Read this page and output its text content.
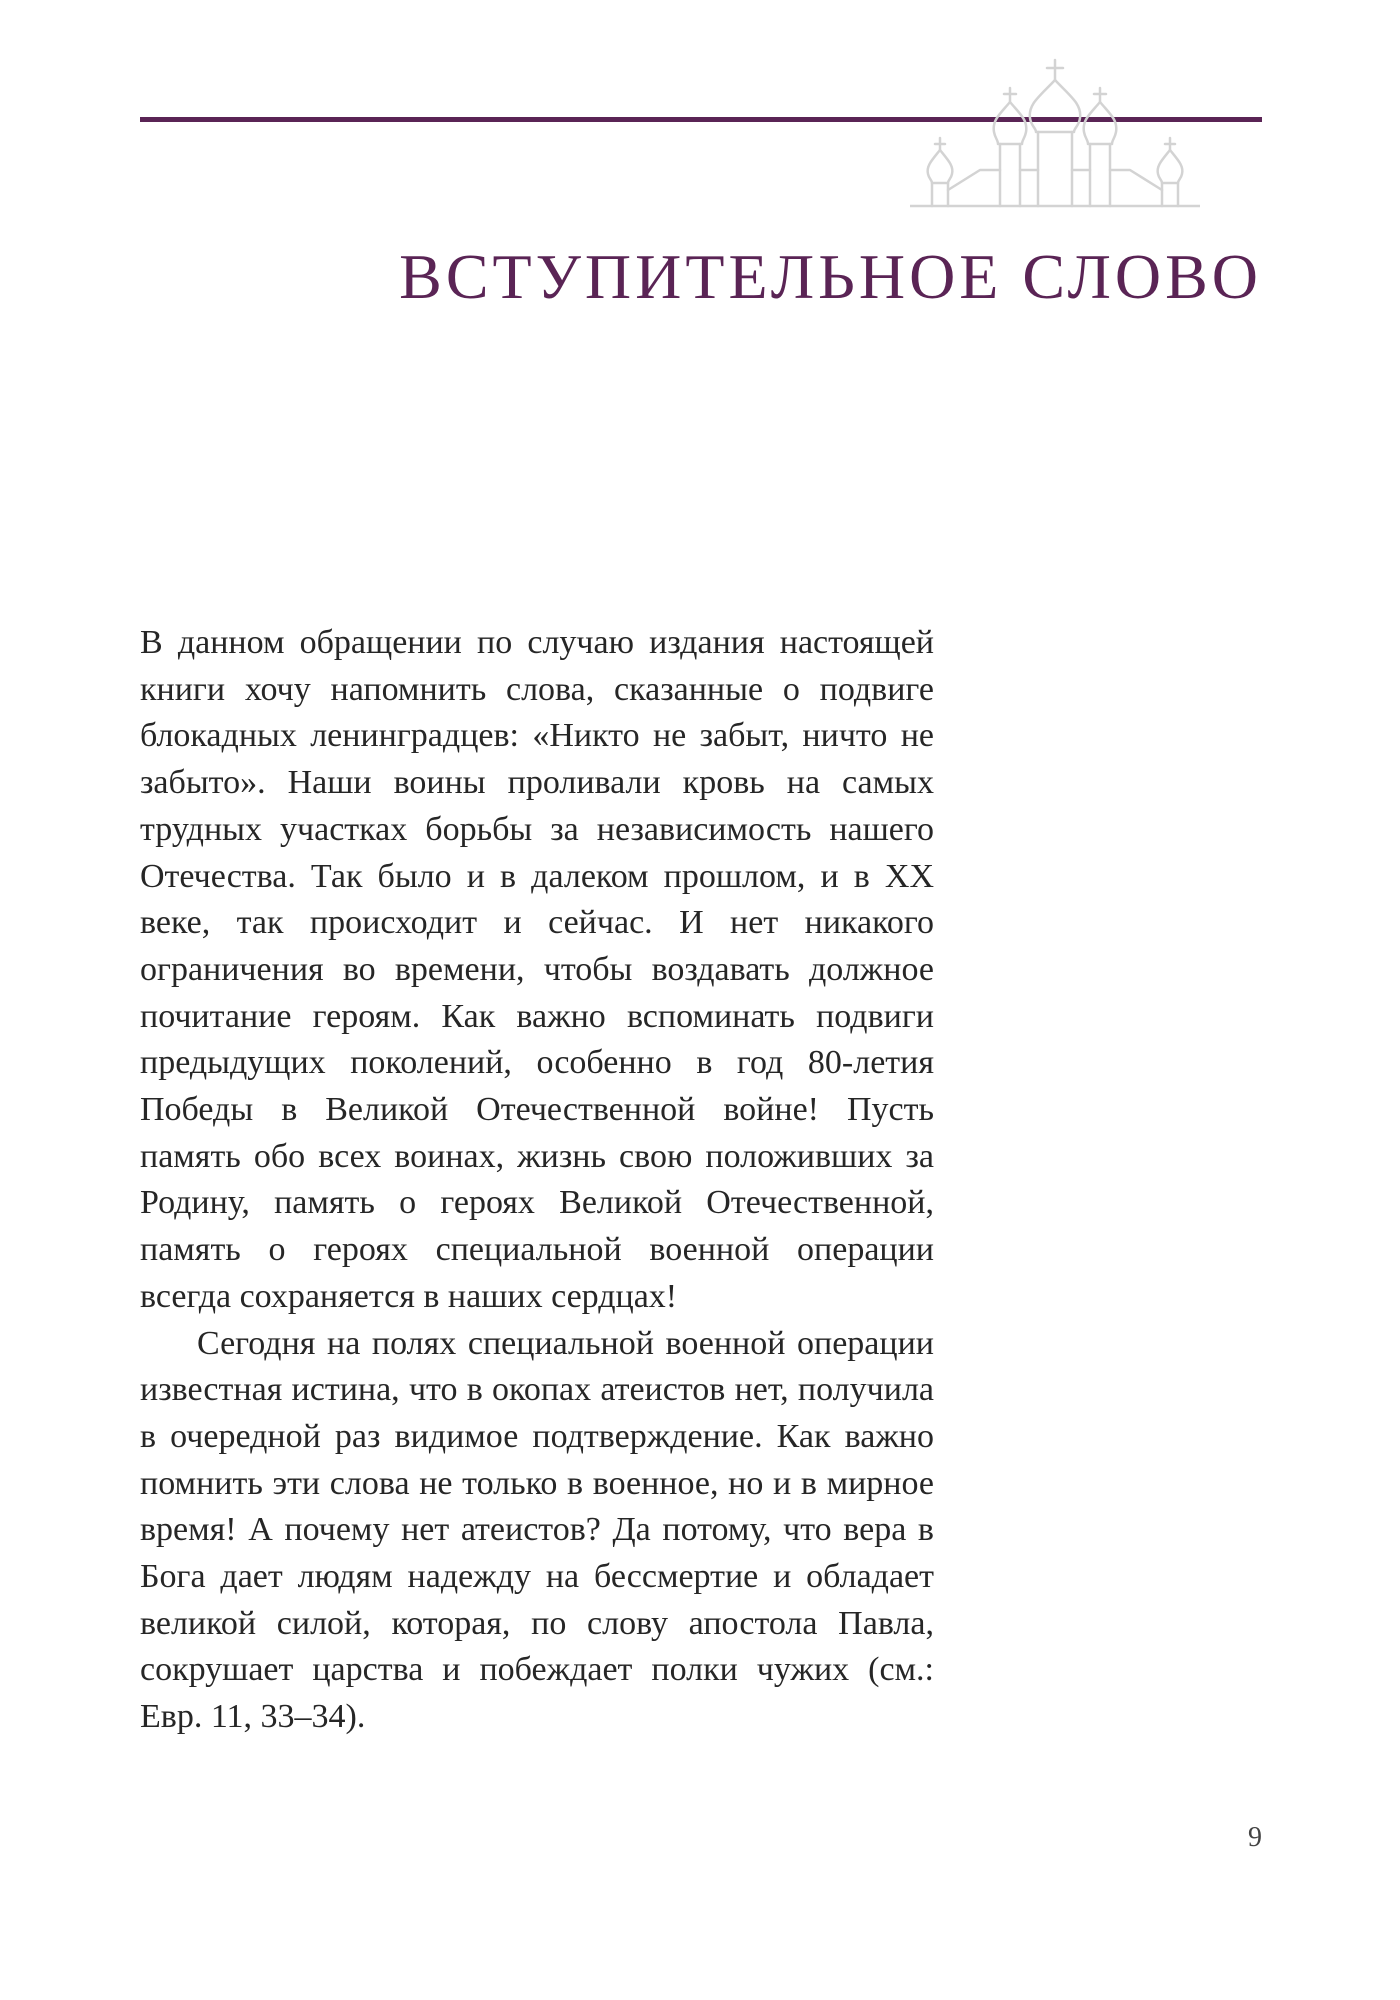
ВСТУПИТЕЛЬНОЕ СЛОВО

В данном обращении по случаю издания настоящей книги хочу напомнить слова, сказанные о подвиге блокадных ленинградцев: «Никто не забыт, ничто не забыто». Наши воины проливали кровь на самых трудных участках борьбы за независимость нашего Отечества. Так было и в далеком прошлом, и в XX веке, так происходит и сейчас. И нет никакого ограничения во времени, чтобы воздавать должное почитание героям. Как важно вспоминать подвиги предыдущих поколений, особенно в год 80-летия Победы в Великой Отечественной войне! Пусть память обо всех воинах, жизнь свою положивших за Родину, память о героях Великой Отечественной, память о героях специальной военной операции всегда сохраняется в наших сердцах!

Сегодня на полях специальной военной операции известная истина, что в окопах атеистов нет, получила в очередной раз видимое подтверждение. Как важно помнить эти слова не только в военное, но и в мирное время! А почему нет атеистов? Да потому, что вера в Бога дает людям надежду на бессмертие и обладает великой силой, которая, по слову апостола Павла, сокрушает царства и побеждает полки чужих (см.: Евр. 11, 33–34).

9
